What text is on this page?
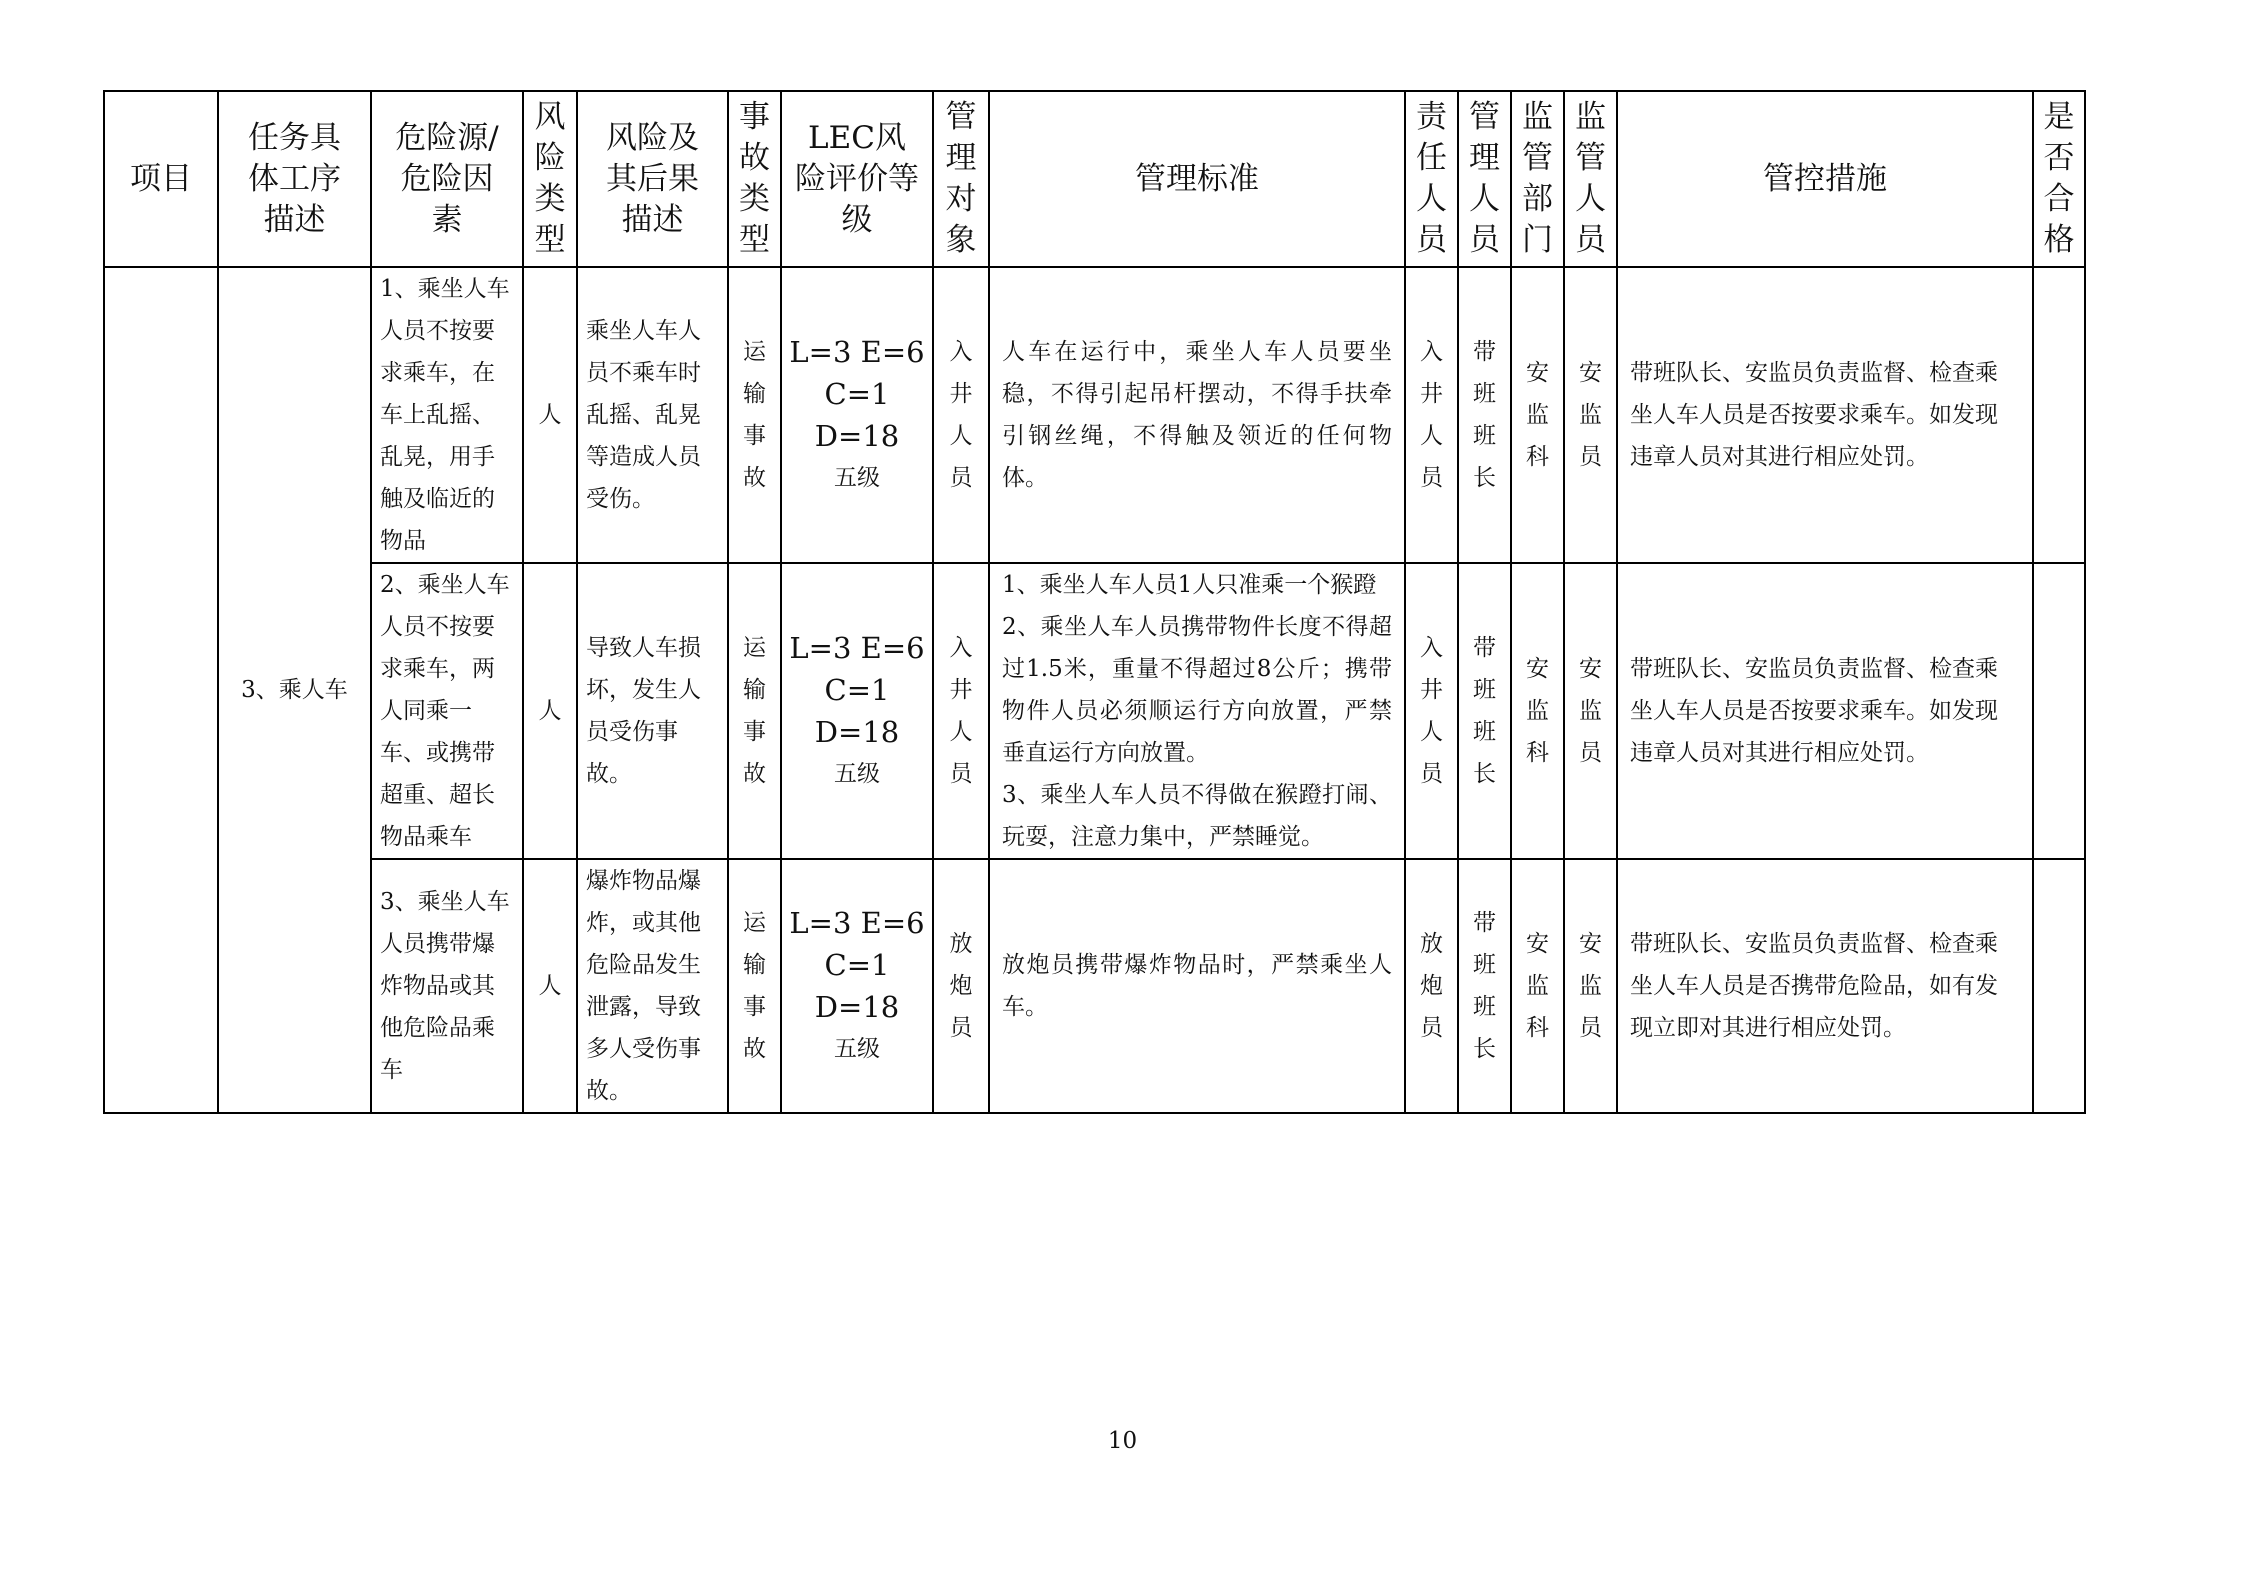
项目	任务具体工序描述	危险源/危险因素	风险类型	风险及其后果描述	事故类型	LEC风险评价等级	管理对象	管理标准	责任人员	管理人员	监管部门	监管人员	管控措施	是否合格

	3、乘人车	1、乘坐人车人员不按要求乘车，在车上乱摇、乱晃，用手触及临近的物品	人	乘坐人车人员不乘车时乱摇、乱晃等造成人员受伤。	运输事故	L=3 E=6
C=1 D=18
五级	入井人员	人车在运行中，乘坐人车人员要坐稳，不得引起吊杆摆动，不得手扶牵引钢丝绳，不得触及领近的任何物体。	入井人员	带班班长	安监科	安监员	带班队长、安监员负责监督、检查乘坐人车人员是否按要求乘车。如发现违章人员对其进行相应处罚。	

		2、乘坐人车人员不按要求乘车，两人同乘一车、或携带超重、超长物品乘车	人	导致人车损坏，发生人员受伤事故。	运输事故	L=3 E=6
C=1 D=18
五级	入井人员	1、乘坐人车人员1人只准乘一个猴蹬
2、乘坐人车人员携带物件长度不得超过1.5米，重量不得超过8公斤；携带物件人员必须顺运行方向放置，严禁垂直运行方向放置。
3、乘坐人车人员不得做在猴蹬打闹、玩耍，注意力集中，严禁睡觉。	入井人员	带班班长	安监科	安监员	带班队长、安监员负责监督、检查乘坐人车人员是否按要求乘车。如发现违章人员对其进行相应处罚。	

		3、乘坐人车人员携带爆炸物品或其他危险品乘车	人	爆炸物品爆炸，或其他危险品发生泄露，导致多人受伤事故。	运输事故	L=3 E=6
C=1 D=18
五级	放炮员	放炮员携带爆炸物品时，严禁乘坐人车。	放炮员	带班班长	安监科	安监员	带班队长、安监员负责监督、检查乘坐人车人员是否携带危险品，如有发现立即对其进行相应处罚。	

10
